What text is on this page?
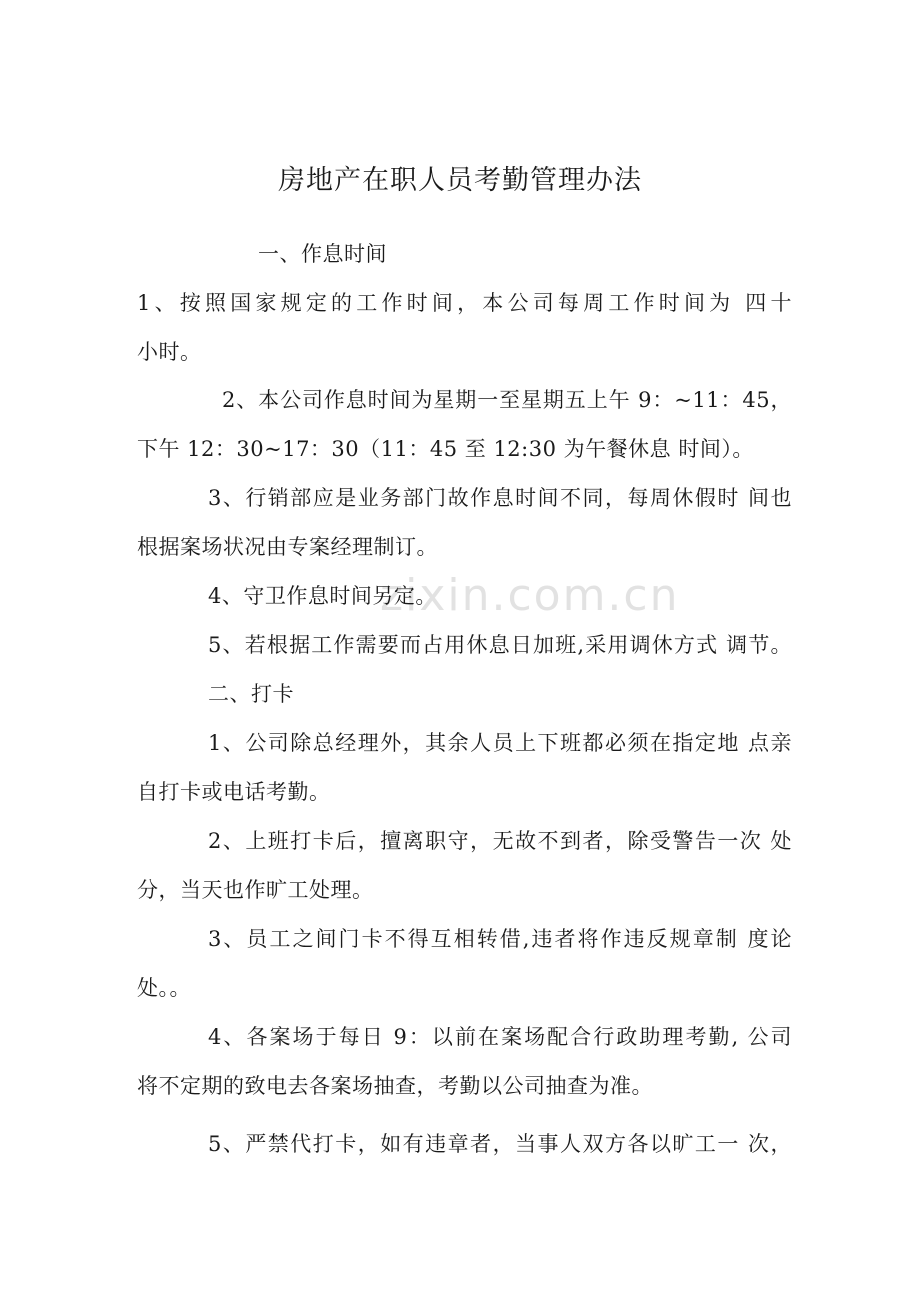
zixin.com.cn
房地产在职人员考勤管理办法
一、作息时间
1、按照国家规定的工作时间，本公司每周工作时间为 四十
小时。
2、本公司作息时间为星期一至星期五上午 9：~11：45，
下午 12：30~17：30（11：45 至 12:30 为午餐休息 时间）。
3、行销部应是业务部门故作息时间不同，每周休假时 间也
根据案场状况由专案经理制订。
4、守卫作息时间另定。
5、若根据工作需要而占用休息日加班,采用调休方式 调节。
二、打卡
1、公司除总经理外，其余人员上下班都必须在指定地 点亲
自打卡或电话考勤。
2、上班打卡后，擅离职守，无故不到者，除受警告一次 处
分，当天也作旷工处理。
3、员工之间门卡不得互相转借,违者将作违反规章制 度论
处。。
4、各案场于每日 9：以前在案场配合行政助理考勤, 公司
将不定期的致电去各案场抽查，考勤以公司抽查为准。
5、严禁代打卡，如有违章者，当事人双方各以旷工一 次，
